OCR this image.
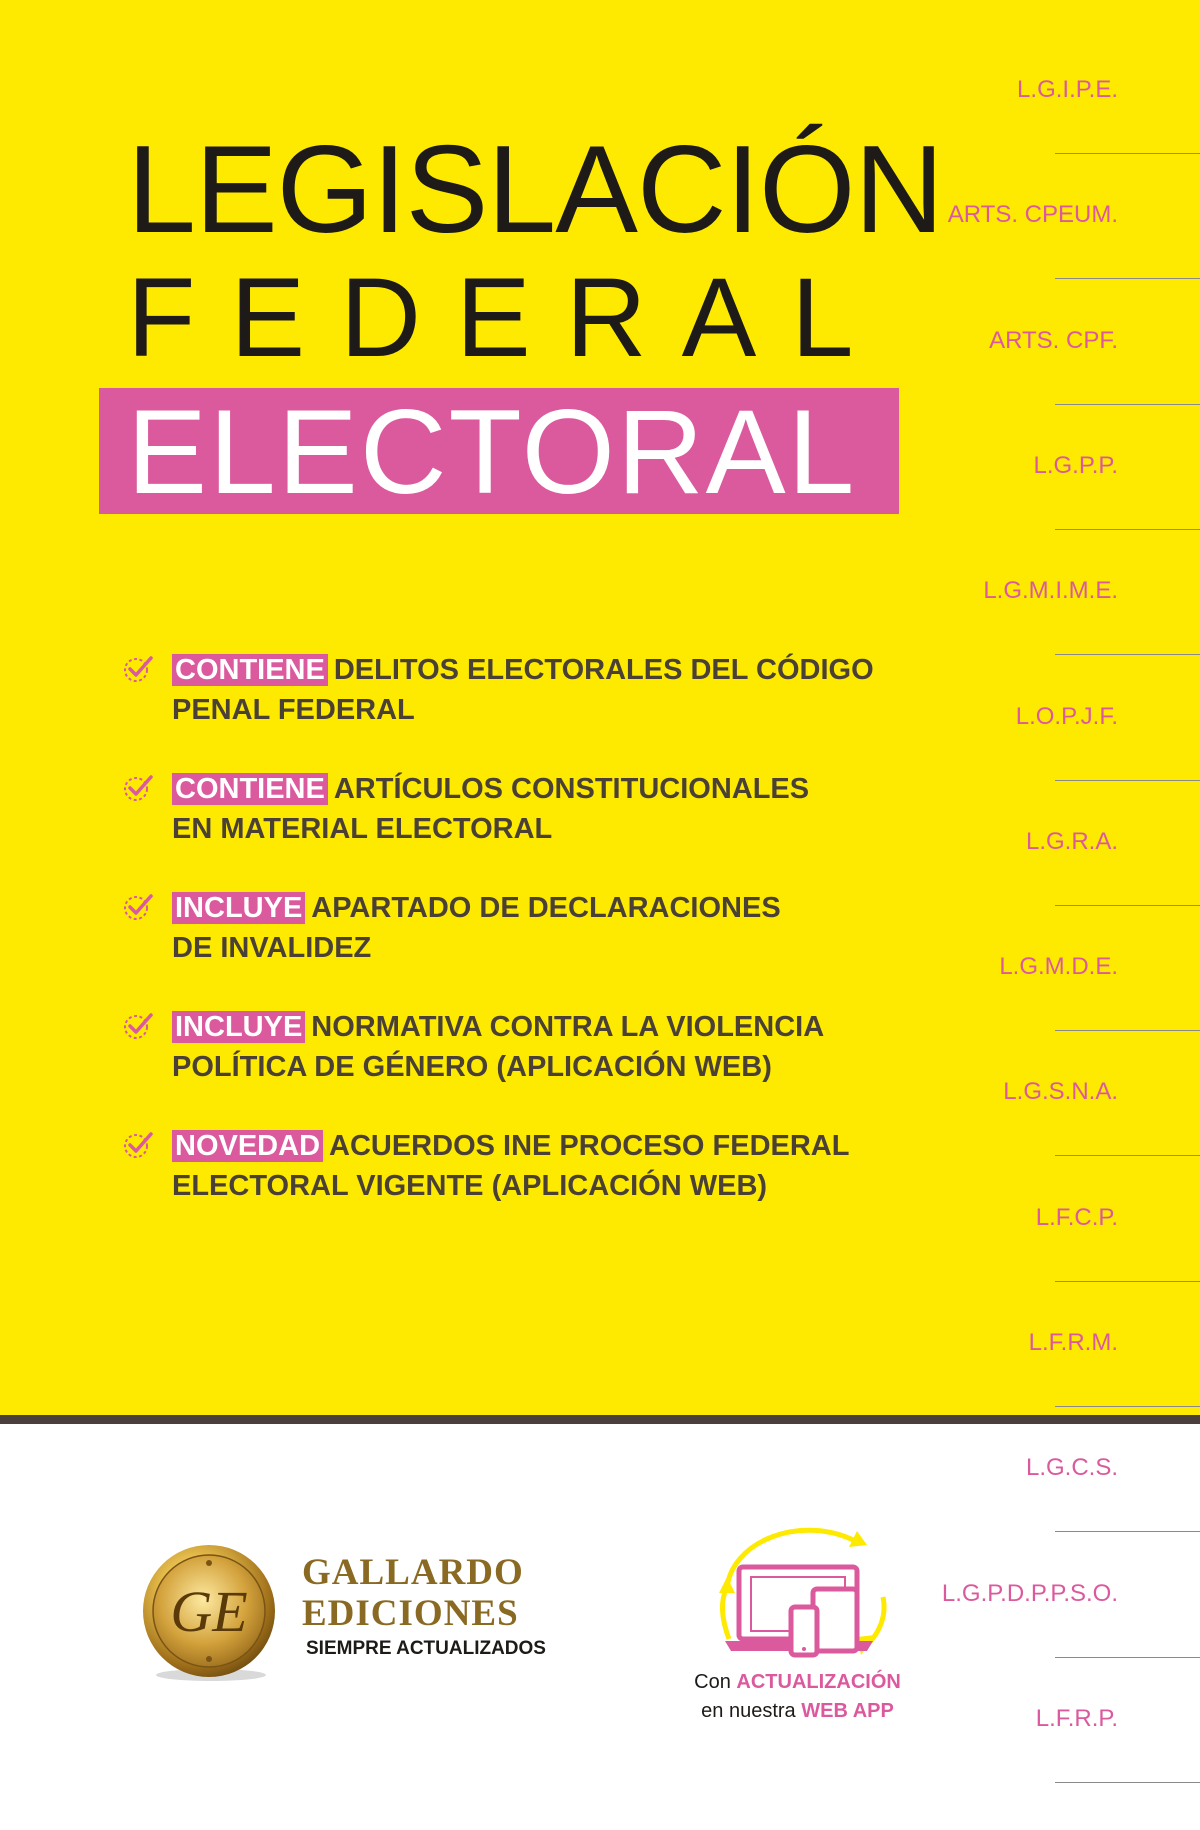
LEGISLACIÓN
FEDERAL
ELECTORAL
CONTIENE DELITOS ELECTORALES DEL CÓDIGO
PENAL FEDERAL
CONTIENE ARTÍCULOS CONSTITUCIONALES
EN MATERIAL ELECTORAL
INCLUYE APARTADO DE DECLARACIONES
DE INVALIDEZ
INCLUYE NORMATIVA CONTRA LA VIOLENCIA
POLÍTICA DE GÉNERO (APLICACIÓN WEB)
NOVEDAD ACUERDOS INE PROCESO FEDERAL
ELECTORAL VIGENTE (APLICACIÓN WEB)
L.G.I.P.E.
ARTS. CPEUM.
ARTS. CPF.
L.G.P.P.
L.G.M.I.M.E.
L.O.P.J.F.
L.G.R.A.
L.G.M.D.E.
L.G.S.N.A.
L.F.C.P.
L.F.R.M.
L.G.C.S.
L.G.P.D.P.P.S.O.
L.F.R.P.
GE
GALLARDO
EDICIONES
SIEMPRE ACTUALIZADOS
Con ACTUALIZACIÓN
en nuestra WEB APP
